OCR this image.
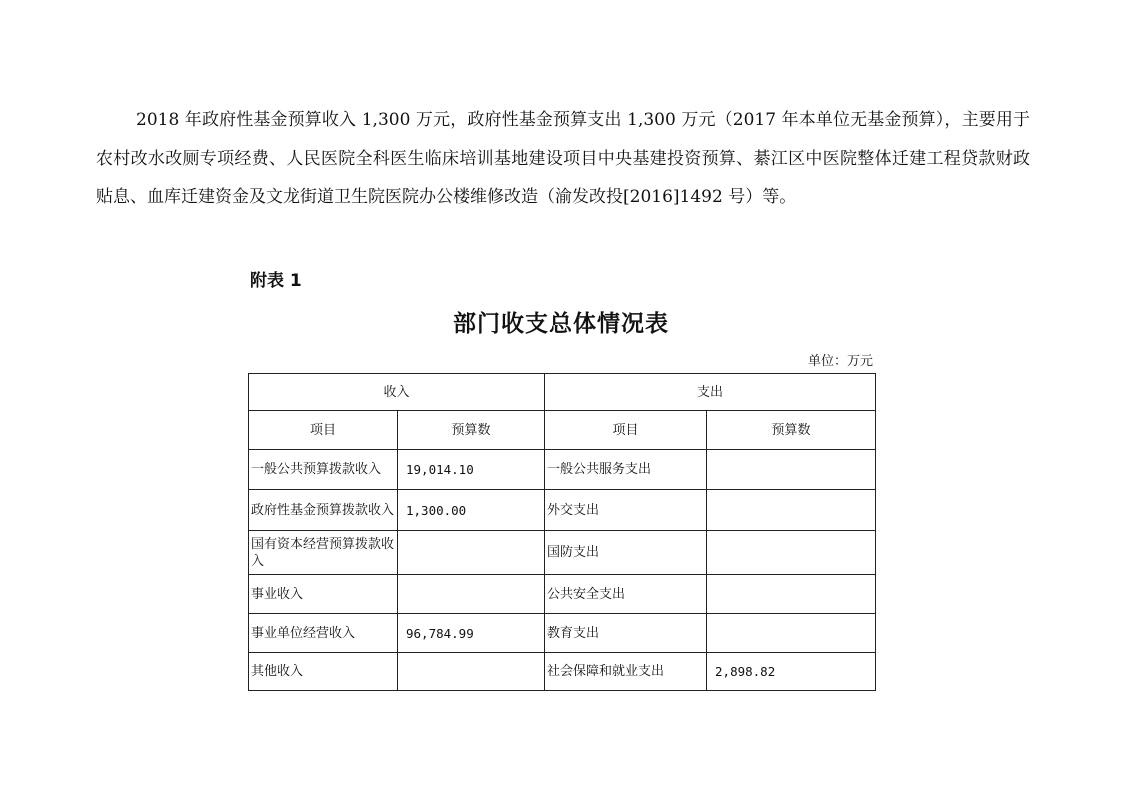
2018 年政府性基金预算收入 1,300 万元，政府性基金预算支出 1,300 万元（2017 年本单位无基金预算），主要用于农村改水改厕专项经费、人民医院全科医生临床培训基地建设项目中央基建投资预算、綦江区中医院整体迁建工程贷款财政贴息、血库迁建资金及文龙街道卫生院医院办公楼维修改造（渝发改投[2016]1492 号）等。

附表 1
部门收支总体情况表
单位：万元
收入		支出	
项目	预算数	项目	预算数
一般公共预算拨款收入	19,014.10	一般公共服务支出	
政府性基金预算拨款收入	1,300.00	外交支出	
国有资本经营预算拨款收入		国防支出	
事业收入		公共安全支出	
事业单位经营收入	96,784.99	教育支出	
其他收入		社会保障和就业支出	2,898.82
